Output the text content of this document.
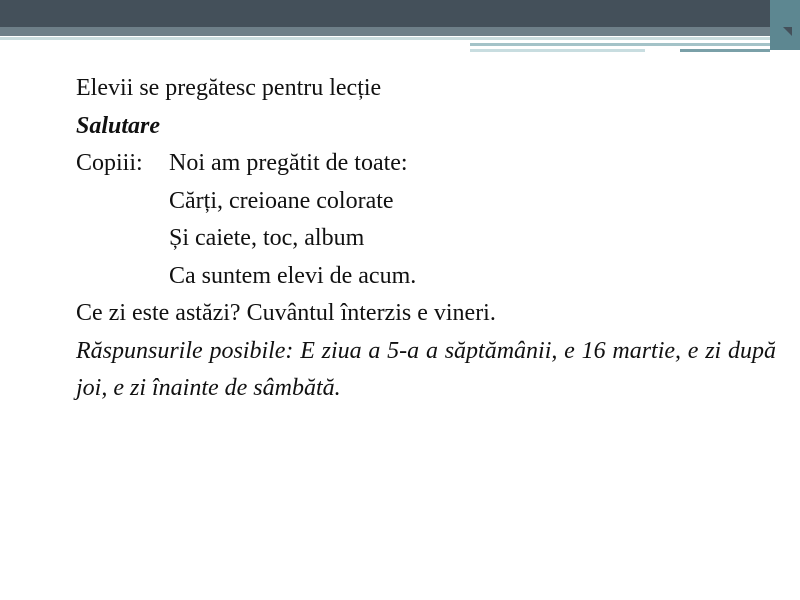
Elevii se pregătesc pentru lecție
Salutare
Copiii:	Noi am pregătit de toate:
Cărți, creioane colorate
Și caiete, toc, album
Ca suntem elevi de acum.
Ce zi este astăzi? Cuvântul înterzis e vineri.
Răspunsurile posibile: E ziua a 5-a a săptămânii, e 16 martie, e zi după joi, e zi înainte de sâmbătă.
